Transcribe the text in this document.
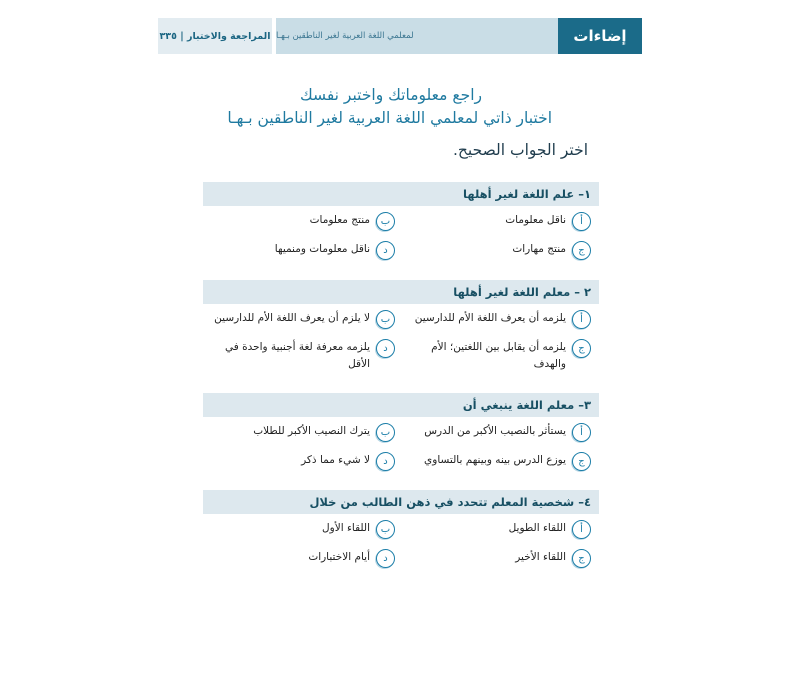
المراجعة والاختبار | ٣٣٥ لمعلمي اللغة العربية لغير الناطقين بـهـا	إضاءات
راجع معلوماتك واختبر نفسك
اختبار ذاتي لمعلمي اللغة العربية لغير الناطقين بـهـا
اختر الجواب الصحيح.
١– علم اللغة لغير أهلها
أ
ناقل معلومات
ب
منتج معلومات
ج
منتج مهارات
د
ناقل معلومات ومنميها
٢ – معلم اللغة لغير أهلها
أ
يلزمه أن يعرف اللغة الأم للدارسين
ب
لا يلزم أن يعرف اللغة الأم للدارسين
ج
يلزمه أن يقابل بين اللغتين؛ الأم والهدف
د
يلزمه معرفة لغة أجنبية واحدة في الأقل
٣– معلم اللغة ينبغي أن
أ
يستأثر بالنصيب الأكبر من الدرس
ب
يترك النصيب الأكبر للطلاب
ج
يوزع الدرس بينه وبينهم بالتساوي
د
لا شيء مما ذكر
٤– شخصية المعلم تتحدد في ذهن الطالب من خلال
أ
اللقاء الطويل
ب
اللقاء الأول
ج
اللقاء الأخير
د
أيام الاختبارات
